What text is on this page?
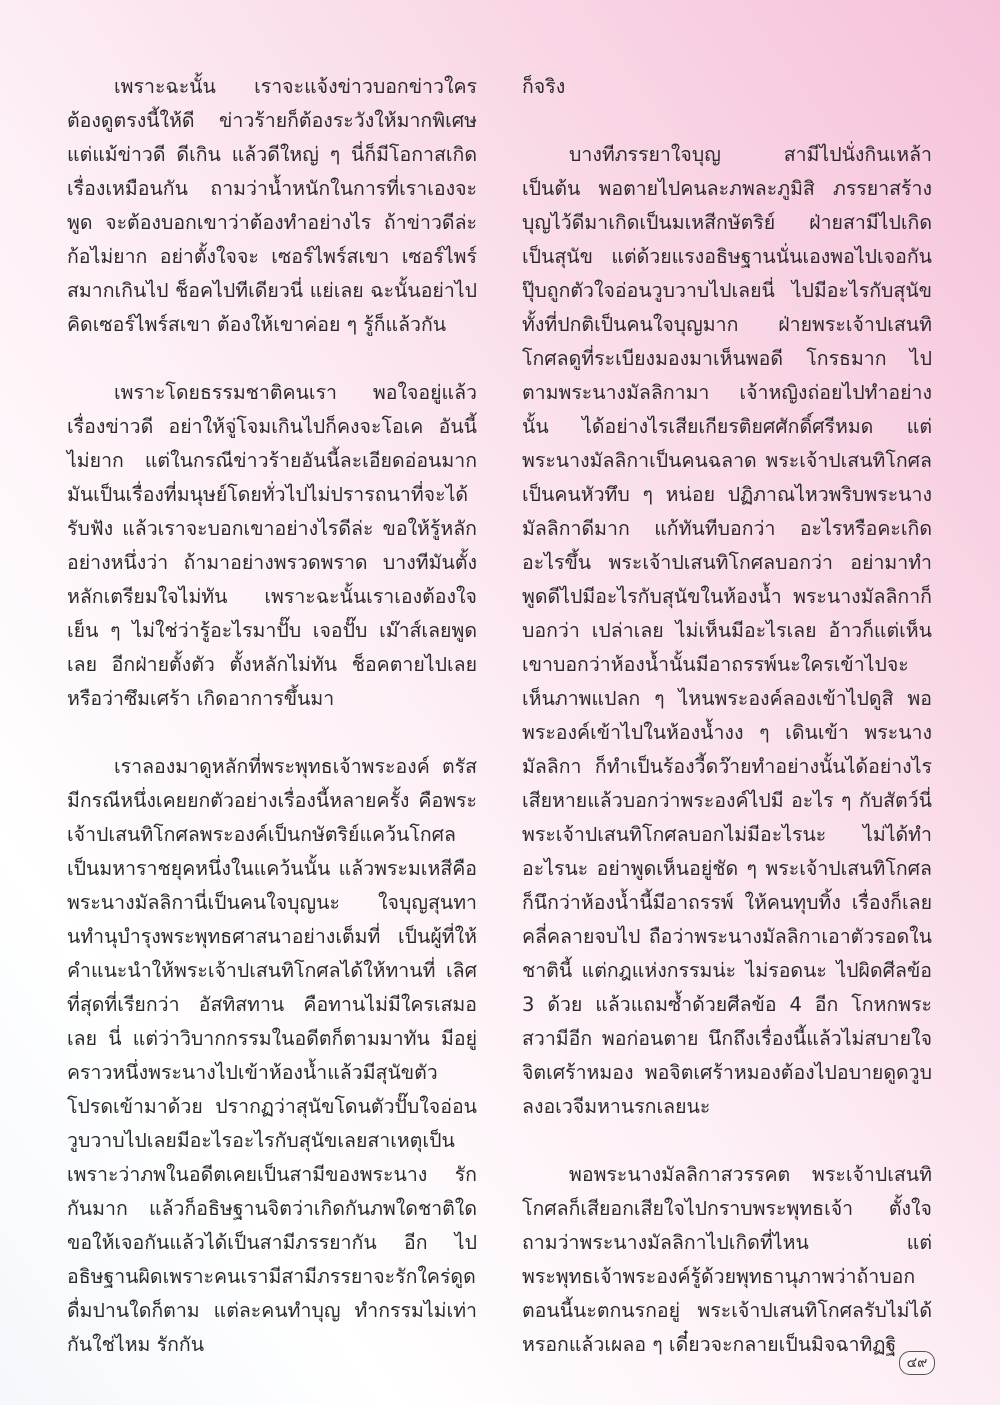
เพราะฉะนั้น เราจะแจ้งข่าวบอกข่าวใครต้องดูตรงนี้ให้ดี ข่าวร้ายก็ต้องระวังให้มากพิเศษ แต่แม้ข่าวดี ดีเกิน แล้วดีใหญ่ ๆ นี่ก็มีโอกาสเกิดเรื่องเหมือนกัน ถามว่าน้ำหนักในการที่เราเองจะพูด จะต้องบอกเขาว่าต้องทำอย่างไร ถ้าข่าวดีล่ะก้อไม่ยาก อย่าตั้งใจจะ เซอร์ไพร์สเขา เซอร์ไพร์สมากเกินไป ช็อคไปทีเดียวนี่ แย่เลย ฉะนั้นอย่าไปคิดเซอร์ไพร์สเขา ต้องให้เขาค่อย ๆ รู้ก็แล้วกัน

เพราะโดยธรรมชาติคนเรา พอใจอยู่แล้วเรื่องข่าวดี อย่าให้จู่โจมเกินไปก็คงจะโอเค อันนี้ไม่ยาก แต่ในกรณีข่าวร้ายอันนี้ละเอียดอ่อนมาก มันเป็นเรื่องที่มนุษย์โดยทั่วไปไม่ปรารถนาที่จะได้รับฟัง แล้วเราจะบอกเขาอย่างไรดีล่ะ ขอให้รู้หลักอย่างหนึ่งว่า ถ้ามาอย่างพรวดพราด บางทีมันตั้งหลักเตรียมใจไม่ทัน เพราะฉะนั้นเราเองต้องใจเย็น ๆ ไม่ใช่ว่ารู้อะไรมาปั๊บ เจอปั๊บ เม๊าส์เลยพูดเลย อีกฝ่ายตั้งตัว ตั้งหลักไม่ทัน ช็อคตายไปเลย หรือว่าซึมเศร้า เกิดอาการขึ้นมา

เราลองมาดูหลักที่พระพุทธเจ้าพระองค์ ตรัสมีกรณีหนึ่งเคยยกตัวอย่างเรื่องนี้หลายครั้ง คือพระเจ้าปเสนทิโกศลพระองค์เป็นกษัตริย์แคว้นโกศลเป็นมหาราชยุคหนึ่งในแคว้นนั้น แล้วพระมเหสีคือพระนางมัลลิกานี่เป็นคนใจบุญนะ ใจบุญสุนทานทำนุบำรุงพระพุทธศาสนาอย่างเต็มที่ เป็นผู้ที่ให้คำแนะนำให้พระเจ้าปเสนทิโกศลได้ให้ทานที่ เลิศที่สุดที่เรียกว่า อัสทิสทาน คือทานไม่มีใครเสมอเลย นี่ แต่ว่าวิบากกรรมในอดีตก็ตามมาทัน มีอยู่คราวหนึ่งพระนางไปเข้าห้องน้ำแล้วมีสุนัขตัวโปรดเข้ามาด้วย ปรากฏว่าสุนัขโดนตัวปั๊บใจอ่อนวูบวาบไปเลยมีอะไรอะไรกับสุนัขเลยสาเหตุเป็นเพราะว่าภพในอดีตเคยเป็นสามีของพระนาง รักกันมาก แล้วก็อธิษฐานจิตว่าเกิดกันภพใดชาติใดขอให้เจอกันแล้วได้เป็นสามีภรรยากัน อีก ไปอธิษฐานผิดเพราะคนเรามีสามีภรรยาจะรักใคร่ดูดดื่มปานใดก็ตาม แต่ละคนทำบุญ ทำกรรมไม่เท่ากันใช่ไหม รักกัน

ก็จริง

บางทีภรรยาใจบุญ สามีไปนั่งกินเหล้าเป็นต้น พอตายไปคนละภพละภูมิสิ ภรรยาสร้างบุญไว้ดีมาเกิดเป็นมเหสีกษัตริย์ ฝ่ายสามีไปเกิดเป็นสุนัข แต่ด้วยแรงอธิษฐานนั่นเองพอไปเจอกันปุ๊บถูกตัวใจอ่อนวูบวาบไปเลยนี่ ไปมีอะไรกับสุนัข ทั้งที่ปกติเป็นคนใจบุญมาก ฝ่ายพระเจ้าปเสนทิโกศลดูที่ระเบียงมองมาเห็นพอดี โกรธมาก ไปตามพระนางมัลลิกามา เจ้าหญิงถ่อยไปทำอย่างนั้น ได้อย่างไรเสียเกียรติยศศักดิ์ศรีหมด แต่พระนางมัลลิกาเป็นคนฉลาด พระเจ้าปเสนทิโกศลเป็นคนหัวทึบ ๆ หน่อย ปฏิภาณไหวพริบพระนางมัลลิกาดีมาก แก้ทันทีบอกว่า อะไรหรือคะเกิดอะไรขึ้น พระเจ้าปเสนทิโกศลบอกว่า อย่ามาทำพูดดีไปมีอะไรกับสุนัขในห้องน้ำ พระนางมัลลิกาก็บอกว่า เปล่าเลย ไม่เห็นมีอะไรเลย อ้าวก็แต่เห็นเขาบอกว่าห้องน้ำนั้นมีอาถรรพ์นะใครเข้าไปจะเห็นภาพแปลก ๆ ไหนพระองค์ลองเข้าไปดูสิ พอพระองค์เข้าไปในห้องน้ำงง ๆ เดินเข้า พระนางมัลลิกา ก็ทำเป็นร้องวี้ดว๊ายทำอย่างนั้นได้อย่างไรเสียหายแล้วบอกว่าพระองค์ไปมี อะไร ๆ กับสัตว์นี่ พระเจ้าปเสนทิโกศลบอกไม่มีอะไรนะ ไม่ได้ทำอะไรนะ อย่าพูดเห็นอยู่ชัด ๆ พระเจ้าปเสนทิโกศลก็นึกว่าห้องน้ำนี้มีอาถรรพ์ ให้คนทุบทิ้ง เรื่องก็เลยคลี่คลายจบไป ถือว่าพระนางมัลลิกาเอาตัวรอดในชาตินี้ แต่กฎแห่งกรรมน่ะ ไม่รอดนะ ไปผิดศีลข้อ 3 ด้วย แล้วแถมซ้ำด้วยศีลข้อ 4 อีก โกหกพระสวามีอีก พอก่อนตาย นึกถึงเรื่องนี้แล้วไม่สบายใจ จิตเศร้าหมอง พอจิตเศร้าหมองต้องไปอบายดูดวูบลงอเวจีมหานรกเลยนะ

พอพระนางมัลลิกาสวรรคต พระเจ้าปเสนทิโกศลก็เสียอกเสียใจไปกราบพระพุทธเจ้า ตั้งใจถามว่าพระนางมัลลิกาไปเกิดที่ไหน แต่พระพุทธเจ้าพระองค์รู้ด้วยพุทธานุภาพว่าถ้าบอกตอนนี้นะตกนรกอยู่ พระเจ้าปเสนทิโกศลรับไม่ได้หรอกแล้วเผลอ ๆ เดี๋ยวจะกลายเป็นมิจฉาทิฏฐิ

๔๙
